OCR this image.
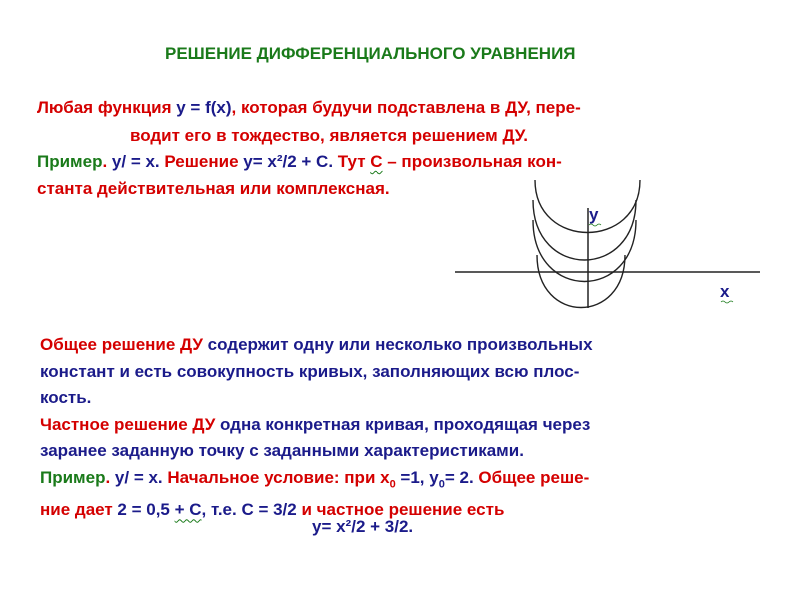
РЕШЕНИЕ ДИФФЕРЕНЦИАЛЬНОГО УРАВНЕНИЯ
Любая функция y = f(x), которая будучи подставлена в ДУ, пере-
водит его в тождество, является решением ДУ.
Пример. y/ = x. Решение y= x²/2 + C. Тут C – произвольная кон-
станта действительная или комплексная.
y
x
Общее решение ДУ содержит одну или несколько произвольных
констант и есть совокупность кривых, заполняющих всю плос-
кость.
Частное решение ДУ одна конкретная кривая, проходящая через
заранее заданную точку с заданными характеристиками.
Пример. y/ = x. Начальное условие: при $x_0 =1$, $y_0= 2$. Общее реше-
ние дает 2 = 0,5 + C, т.е. C = 3/2 и частное решение есть
y= x²/2 + 3/2.
